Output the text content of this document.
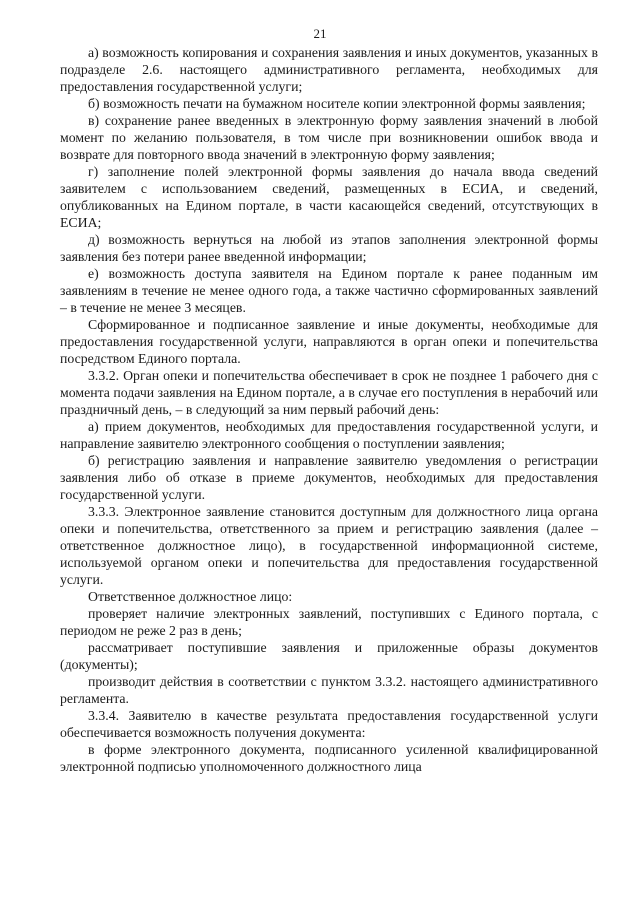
21

а) возможность копирования и сохранения заявления и иных документов, указанных в подразделе 2.6. настоящего административного регламента, необходимых для предоставления государственной услуги;

б) возможность печати на бумажном носителе копии электронной формы заявления;

в) сохранение ранее введенных в электронную форму заявления значений в любой момент по желанию пользователя, в том числе при возникновении ошибок ввода и возврате для повторного ввода значений в электронную форму заявления;

г) заполнение полей электронной формы заявления до начала ввода сведений заявителем с использованием сведений, размещенных в ЕСИА, и сведений, опубликованных на Едином портале, в части касающейся сведений, отсутствующих в ЕСИА;

д) возможность вернуться на любой из этапов заполнения электронной формы заявления без потери ранее введенной информации;

е) возможность доступа заявителя на Едином портале к ранее поданным им заявлениям в течение не менее одного года, а также частично сформированных заявлений – в течение не менее 3 месяцев.

Сформированное и подписанное заявление и иные документы, необходимые для предоставления государственной услуги, направляются в орган опеки и попечительства посредством Единого портала.

3.3.2. Орган опеки и попечительства обеспечивает в срок не позднее 1 рабочего дня с момента подачи заявления на Едином портале, а в случае его поступления в нерабочий или праздничный день, – в следующий за ним первый рабочий день:

а) прием документов, необходимых для предоставления государственной услуги, и направление заявителю электронного сообщения о поступлении заявления;

б) регистрацию заявления и направление заявителю уведомления о регистрации заявления либо об отказе в приеме документов, необходимых для предоставления государственной услуги.

3.3.3. Электронное заявление становится доступным для должностного лица органа опеки и попечительства, ответственного за прием и регистрацию заявления (далее – ответственное должностное лицо), в государственной информационной системе, используемой органом опеки и попечительства для предоставления государственной услуги.

Ответственное должностное лицо:

проверяет наличие электронных заявлений, поступивших с Единого портала, с периодом не реже 2 раз в день;

рассматривает поступившие заявления и приложенные образы документов (документы);

производит действия в соответствии с пунктом 3.3.2. настоящего административного регламента.

3.3.4. Заявителю в качестве результата предоставления государственной услуги обеспечивается возможность получения документа:

в форме электронного документа, подписанного усиленной квалифицированной электронной подписью уполномоченного должностного лица
